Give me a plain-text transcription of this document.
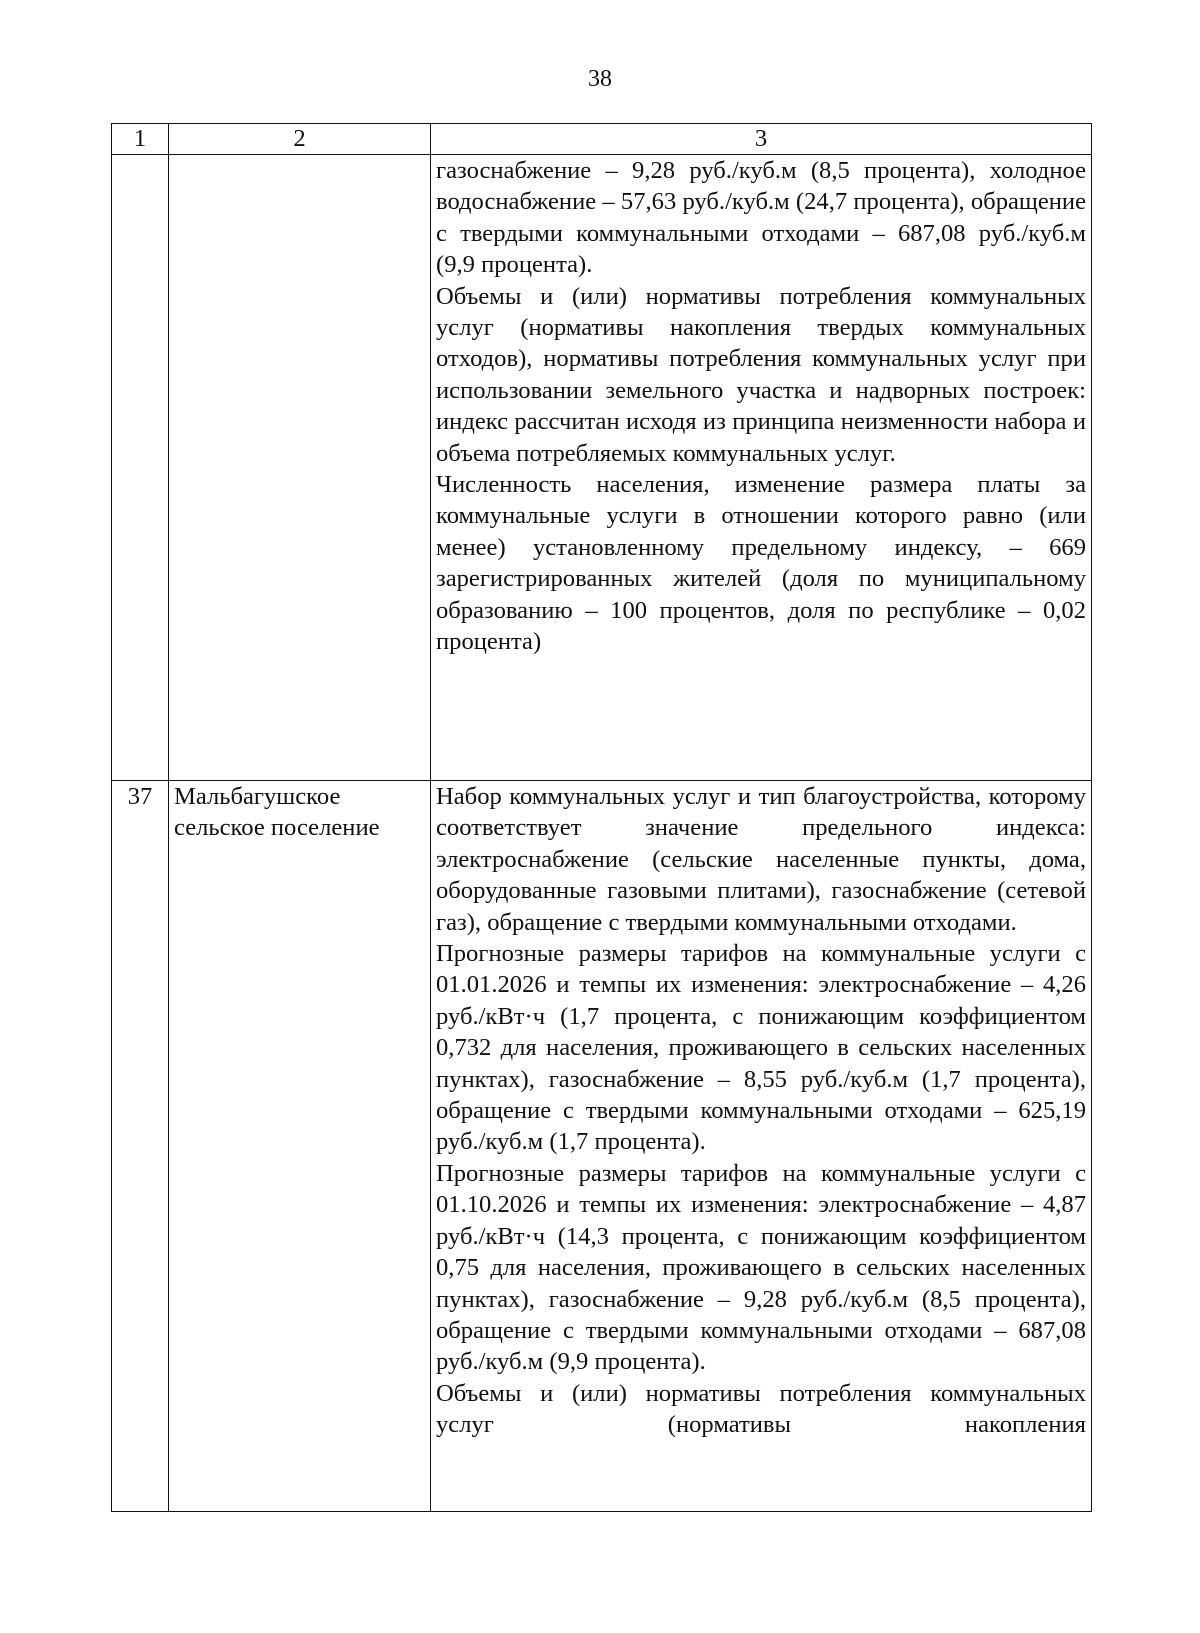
38
1	2	3

		газоснабжение – 9,28 руб./куб.м (8,5 процента), холодное водоснабжение – 57,63 руб./куб.м (24,7 процента), обращение с твердыми коммунальными отходами – 687,08 руб./куб.м (9,9 процента).

Объемы и (или) нормативы потребления коммунальных услуг (нормативы накопления твердых коммунальных отходов), нормативы потребления коммунальных услуг при использовании земельного участка и надворных построек: индекс рассчитан исходя из принципа неизменности набора и объема потребляемых коммунальных услуг.

Численность населения, изменение размера платы за коммунальные услуги в отношении которого равно (или менее) установленному предельному индексу, – 669 зарегистрированных жителей (доля по муниципальному образованию – 100 процентов, доля по республике – 0,02 процента)

37	Мальбагушское сельское поселение	Набор коммунальных услуг и тип благоустройства, которому соответствует значение предельного индекса: электроснабжение (сельские населенные пункты, дома, оборудованные газовыми плитами), газоснабжение (сетевой газ), обращение с твердыми коммунальными отходами.

Прогнозные размеры тарифов на коммунальные услуги с 01.01.2026 и темпы их изменения: электроснабжение – 4,26 руб./кВт·ч (1,7 процента, с понижающим коэффициентом 0,732 для населения, проживающего в сельских населенных пунктах), газоснабжение – 8,55 руб./куб.м (1,7 процента), обращение с твердыми коммунальными отходами – 625,19 руб./куб.м (1,7 процента).

Прогнозные размеры тарифов на коммунальные услуги с 01.10.2026 и темпы их изменения: электроснабжение – 4,87 руб./кВт·ч (14,3 процента, с понижающим коэффициентом 0,75 для населения, проживающего в сельских населенных пунктах), газоснабжение – 9,28 руб./куб.м (8,5 процента), обращение с твердыми коммунальными отходами – 687,08 руб./куб.м (9,9 процента).

Объемы и (или) нормативы потребления коммунальных услуг (нормативы накопления
